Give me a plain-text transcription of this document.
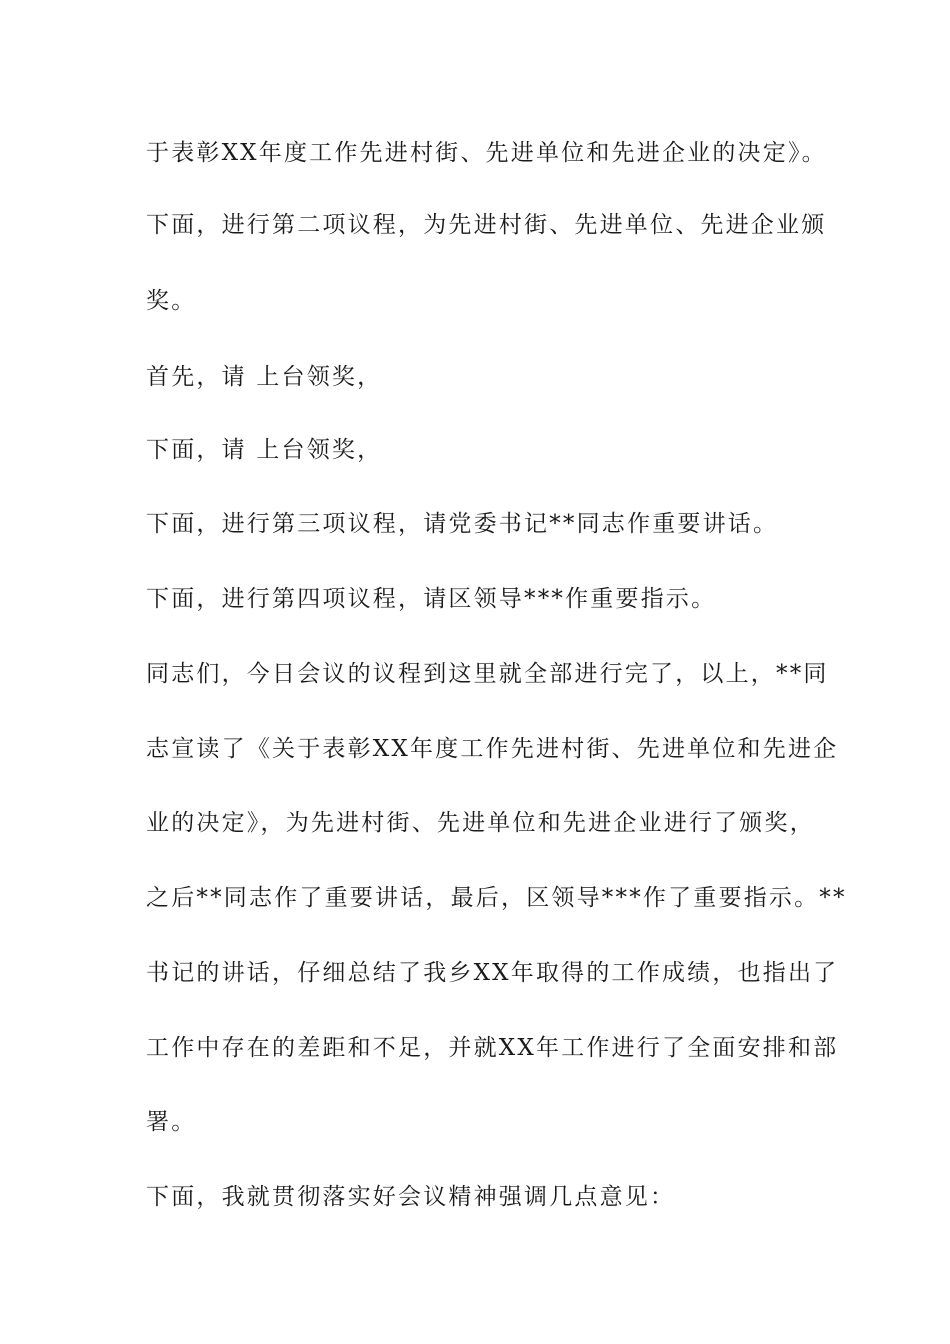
于表彰XX年度工作先进村街、先进单位和先进企业的决定》。
下面，进行第二项议程，为先进村街、先进单位、先进企业颁
奖。
首先，请 上台领奖，
下面，请 上台领奖，
下面，进行第三项议程，请党委书记**同志作重要讲话。
下面，进行第四项议程，请区领导***作重要指示。
同志们，今日会议的议程到这里就全部进行完了，以上，**同
志宣读了《关于表彰XX年度工作先进村街、先进单位和先进企
业的决定》，为先进村街、先进单位和先进企业进行了颁奖，
之后**同志作了重要讲话，最后，区领导***作了重要指示。**
书记的讲话，仔细总结了我乡XX年取得的工作成绩，也指出了
工作中存在的差距和不足，并就XX年工作进行了全面安排和部
署。
下面，我就贯彻落实好会议精神强调几点意见：
